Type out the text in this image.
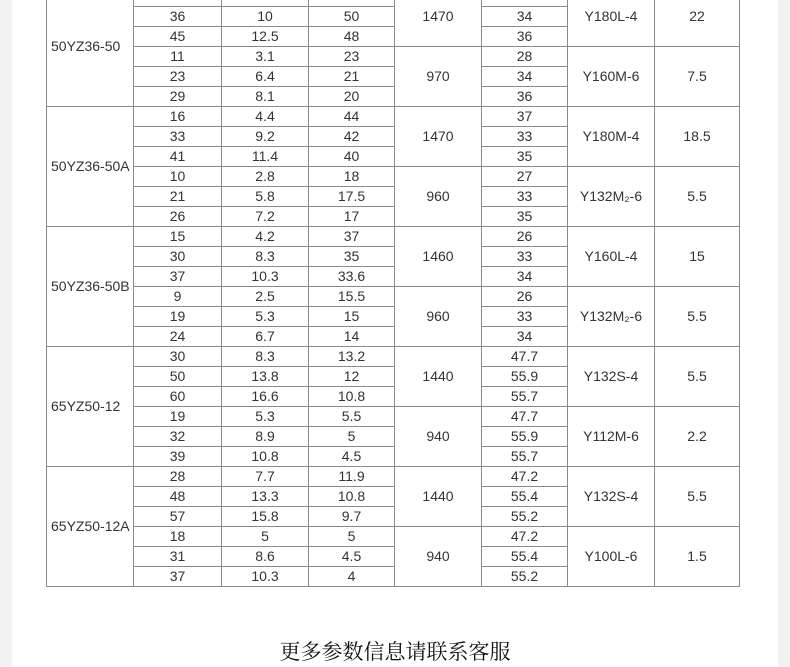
50YZ36-50				1470		Y180L-4	22
	36	10	50		34		
	45	12.5	48		36		
	11	3.1	23	970	28	Y160M-6	7.5
	23	6.4	21		34		
	29	8.1	20		36		
50YZ36-50A	16	4.4	44	1470	37	Y180M-4	18.5
	33	9.2	42		33		
	41	11.4	40		35		
	10	2.8	18	960	27	Y132M₂-6	5.5
	21	5.8	17.5		33		
	26	7.2	17		35		
50YZ36-50B	15	4.2	37	1460	26	Y160L-4	15
	30	8.3	35		33		
	37	10.3	33.6		34		
	9	2.5	15.5	960	26	Y132M₂-6	5.5
	19	5.3	15		33		
	24	6.7	14		34		
65YZ50-12	30	8.3	13.2	1440	47.7	Y132S-4	5.5
	50	13.8	12		55.9		
	60	16.6	10.8		55.7		
	19	5.3	5.5	940	47.7	Y112M-6	2.2
	32	8.9	5		55.9		
	39	10.8	4.5		55.7		
65YZ50-12A	28	7.7	11.9	1440	47.2	Y132S-4	5.5
	48	13.3	10.8		55.4		
	57	15.8	9.7		55.2		
	18	5	5	940	47.2	Y100L-6	1.5
	31	8.6	4.5		55.4		
	37	10.3	4		55.2		
更多参数信息请联系客服
